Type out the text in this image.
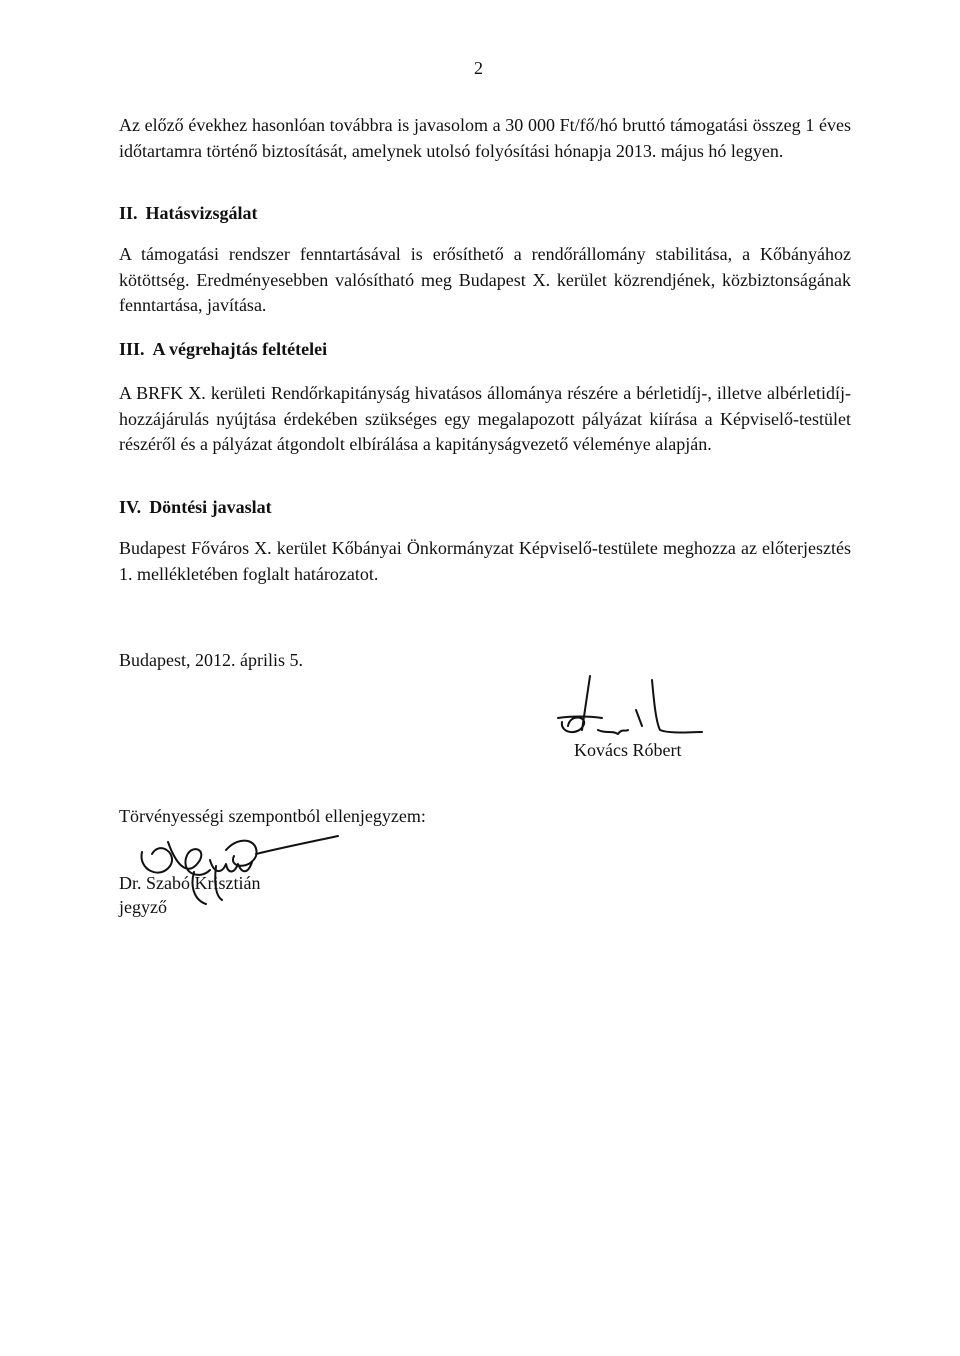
2

Az előző évekhez hasonlóan továbbra is javasolom a 30 000 Ft/fő/hó bruttó támogatási összeg 1 éves időtartamra történő biztosítását, amelynek utolsó folyósítási hónapja 2013. május hó legyen.

II. Hatásvizsgálat

A támogatási rendszer fenntartásával is erősíthető a rendőrállomány stabilitása, a Kőbányához kötöttség. Eredményesebben valósítható meg Budapest X. kerület közrendjének, közbiztonságának fenntartása, javítása.

III. A végrehajtás feltételei

A BRFK X. kerületi Rendőrkapitányság hivatásos állománya részére a bérletidíj-, illetve albérletidíj-hozzájárulás nyújtása érdekében szükséges egy megalapozott pályázat kiírása a Képviselő-testület részéről és a pályázat átgondolt elbírálása a kapitányságvezető véleménye alapján.

IV. Döntési javaslat

Budapest Főváros X. kerület Kőbányai Önkormányzat Képviselő-testülete meghozza az előterjesztés 1. mellékletében foglalt határozatot.

Budapest, 2012. április 5.
Kovács Róbert
Törvényességi szempontból ellenjegyzem:
Dr. Szabó Krisztián
jegyző
